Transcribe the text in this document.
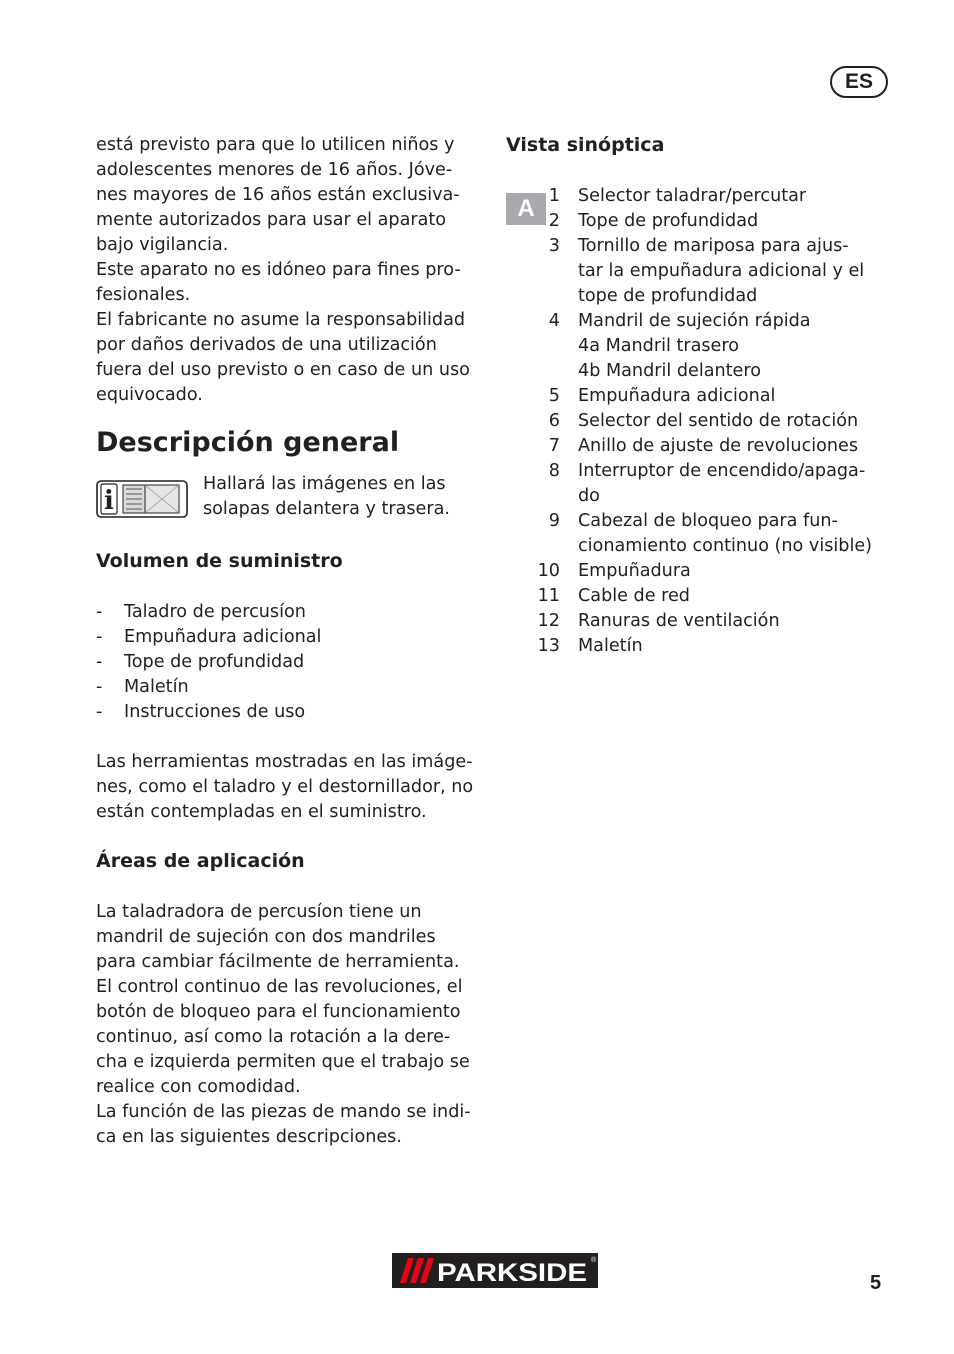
ES

está previsto para que lo utilicen niños y
adolescentes menores de 16 años. Jóve-
nes mayores de 16 años están exclusiva-
mente autorizados para usar el aparato
bajo vigilancia.
Este aparato no es idóneo para fines pro-
fesionales.
El fabricante no asume la responsabilidad
por daños derivados de una utilización
fuera del uso previsto o en caso de un uso
equivocado.

Descripción general
i

Hallará las imágenes en las
solapas delantera y trasera.

Volumen de suministro
-	Taladro de percusíon
-	Empuñadura adicional
-	Tope de profundidad
-	Maletín
-	Instrucciones de uso

Las herramientas mostradas en las imáge-
nes, como el taladro y el destornillador, no
están contempladas en el suministro.

Áreas de aplicación

La taladradora de percusíon tiene un
mandril de sujeción con dos mandriles
para cambiar fácilmente de herramienta.
El control continuo de las revoluciones, el
botón de bloqueo para el funcionamiento
continuo, así como la rotación a la dere-
cha e izquierda permiten que el trabajo se
realice con comodidad.
La función de las piezas de mando se indi-
ca en las siguientes descripciones.

Vista sinóptica
A 1	Selector taladrar/percutar
2	Tope de profundidad
3	Tornillo de mariposa para ajus-
tar la empuñadura adicional y el
tope de profundidad
4	Mandril de sujeción rápida
4a Mandril trasero
4b Mandril delantero
5	Empuñadura adicional
6	Selector del sentido de rotación
7	Anillo de ajuste de revoluciones
8	Interruptor de encendido/apaga-
do
9	Cabezal de bloqueo para fun-
cionamiento continuo (no visible)
10	Empuñadura
11	Cable de red
12	Ranuras de ventilación
13	Maletín
PARKSIDE ®
5
